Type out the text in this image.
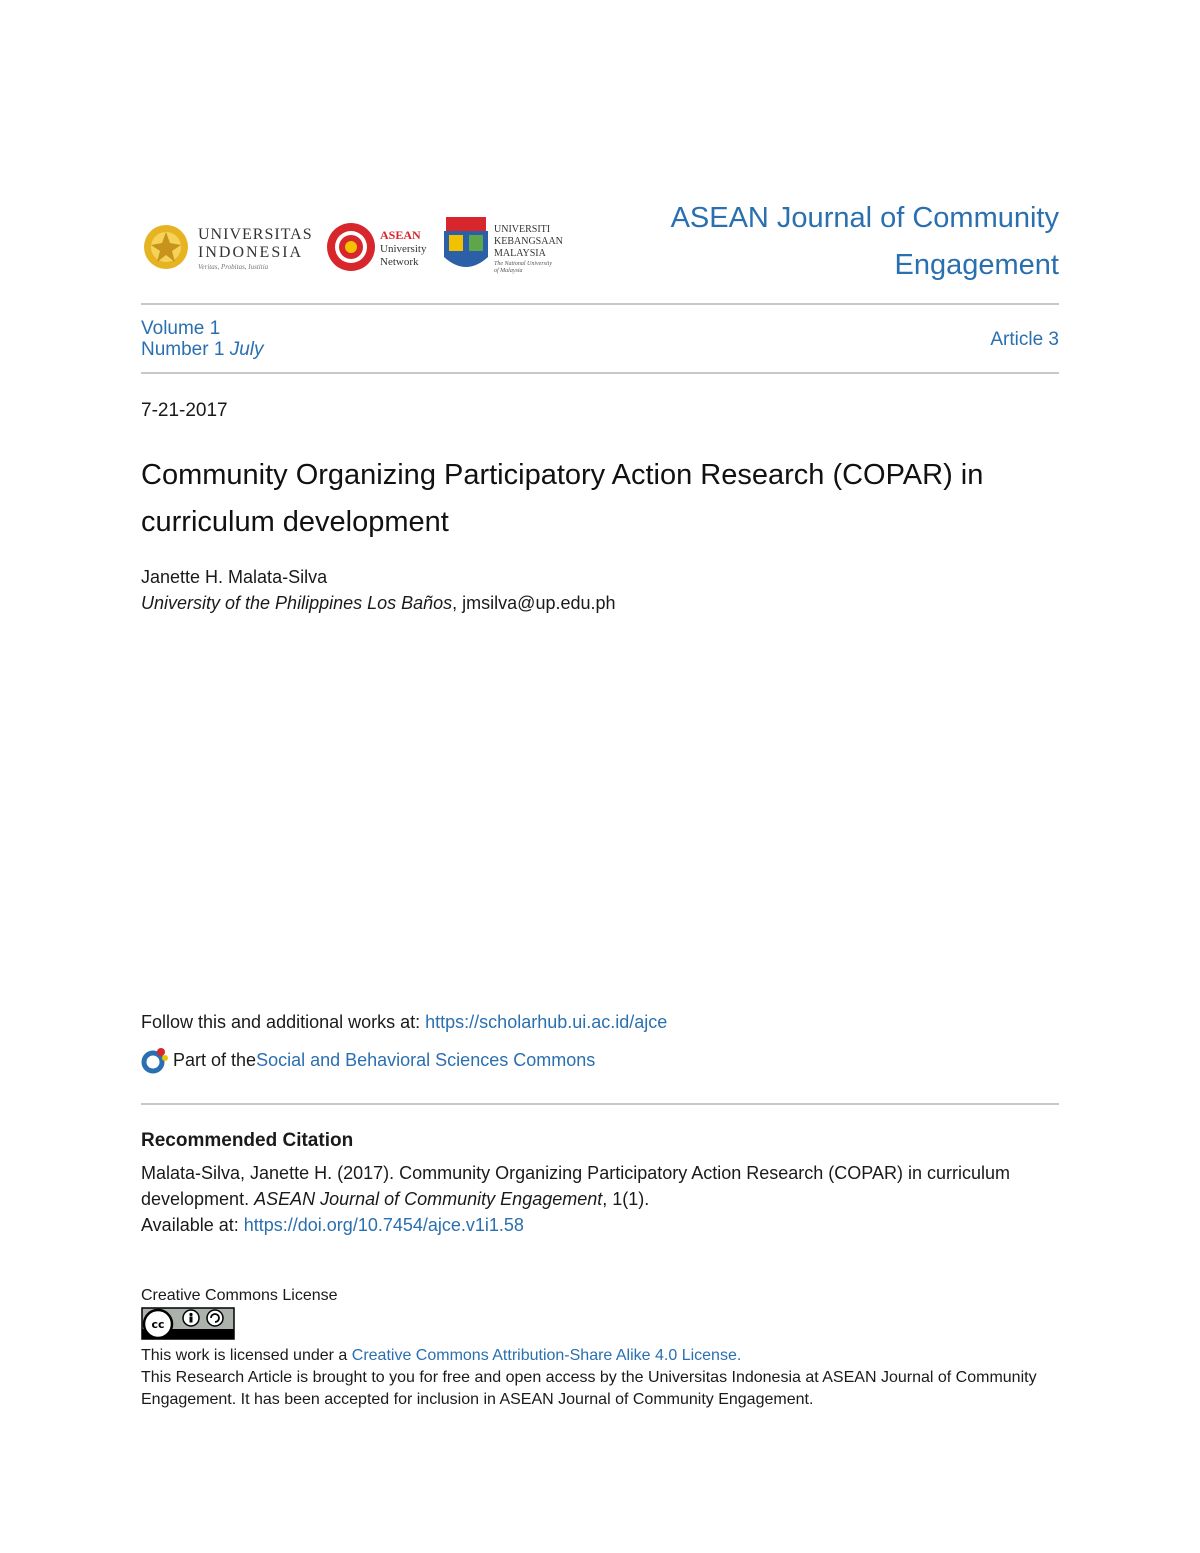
UNIVERSITAS
INDONESIA
Veritas, Probitas, Iustitia
ASEAN
University
Network
UNIVERSITI
KEBANGSAAN
MALAYSIA
The National University
of Malaysia
ASEAN Journal of Community
Engagement
Volume 1
Number 1 July	Article 3
7-21-2017
Community Organizing Participatory Action Research (COPAR) in
curriculum development
Janette H. Malata-Silva
University of the Philippines Los Baños, jmsilva@up.edu.ph
Follow this and additional works at: https://scholarhub.ui.ac.id/ajce
Part of the Social and Behavioral Sciences Commons
Recommended Citation
Malata-Silva, Janette H. (2017). Community Organizing Participatory Action Research (COPAR) in curriculum development. ASEAN Journal of Community Engagement, 1(1).
Available at: https://doi.org/10.7454/ajce.v1i1.58
Creative Commons License
cc
This work is licensed under a Creative Commons Attribution-Share Alike 4.0 License.
This Research Article is brought to you for free and open access by the Universitas Indonesia at ASEAN Journal of Community Engagement. It has been accepted for inclusion in ASEAN Journal of Community Engagement.
